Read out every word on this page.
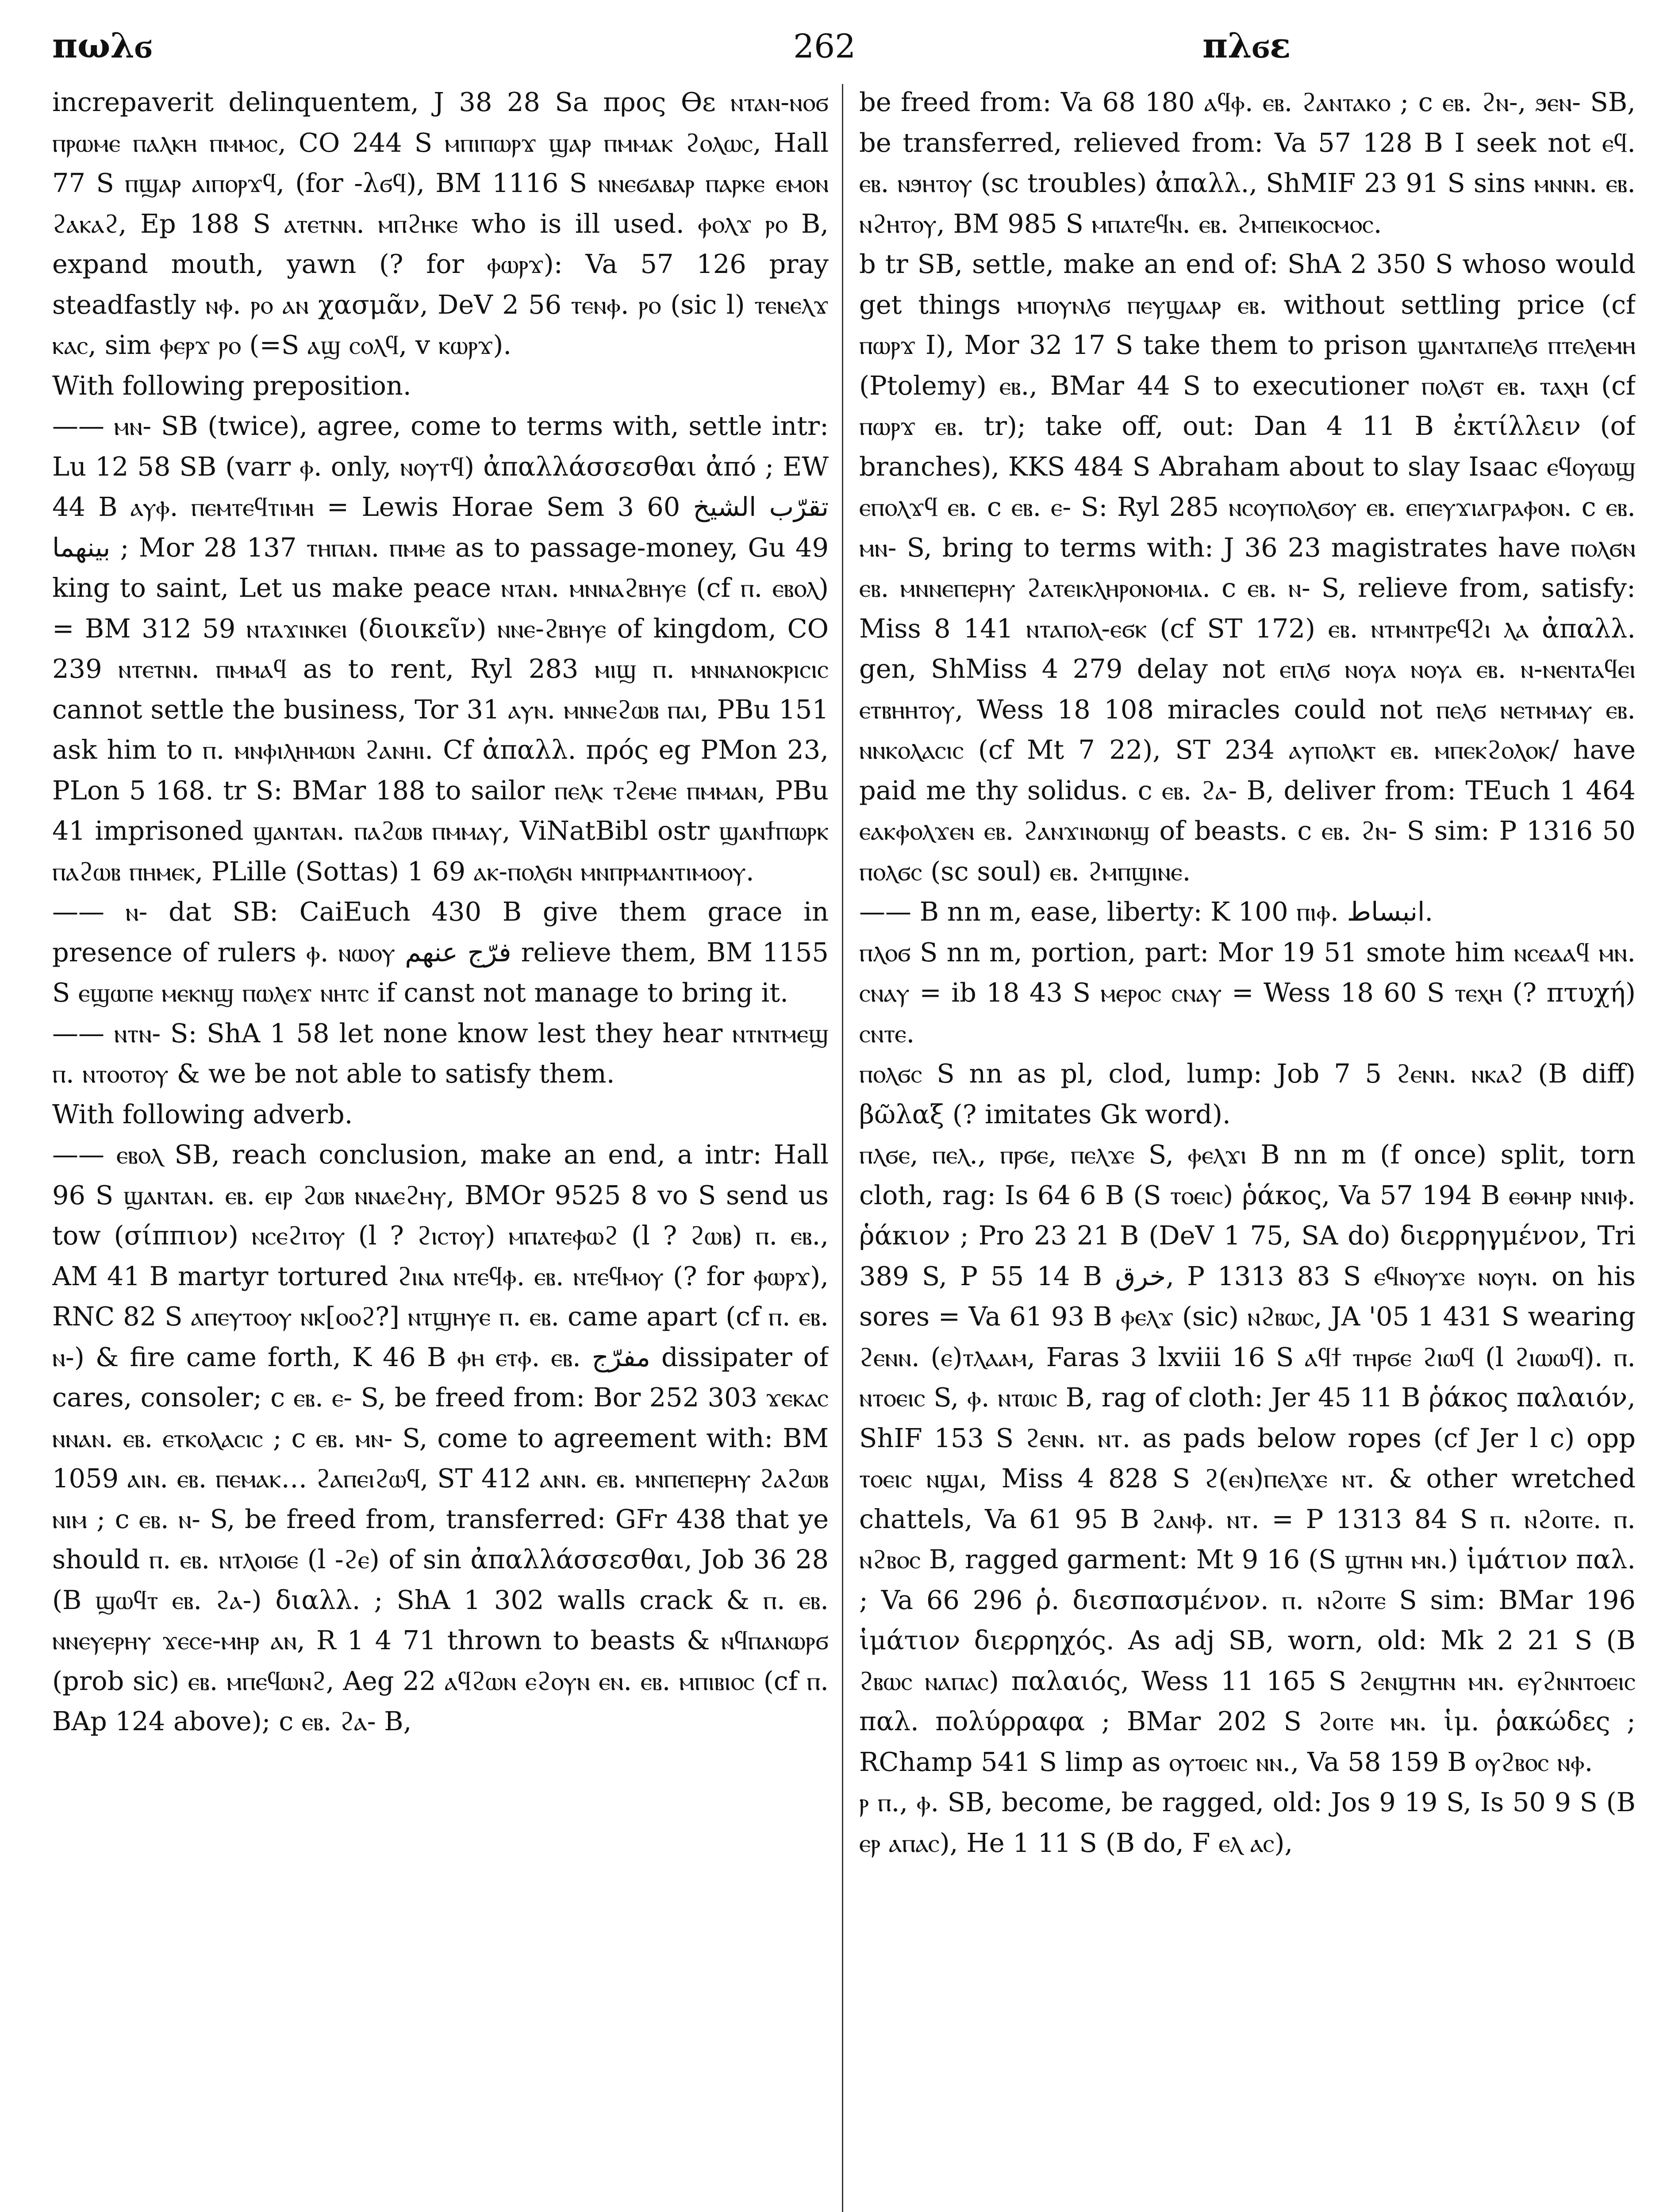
πωλϭ	262	πλϭε

increpaverit delinquentem, J 38 28 Sa προς ϴε ⲛⲧⲁⲛ-ⲛⲟϭ ⲡⲣⲱⲙⲉ ⲡⲁⲗⲕⲏ ⲡⲙⲙⲟⲥ, CO 244 S ⲙⲡⲓⲡⲱⲣϫ ϣⲁⲣ ⲡⲙⲙⲁⲕ ϩⲟⲗⲱⲥ, Hall 77 S ⲡϣⲁⲣ ⲁⲓⲡⲟⲣϫϥ, (for -λϭϥ), BM 1116 S ⲛⲛⲉϭⲁⲃⲁⲣ ⲡⲁⲣⲕⲉ ⲉⲙⲟⲛ ϩⲁⲕⲁϩ, Ep 188 S ⲁⲧⲉⲧⲛⲛ. ⲙⲡϩⲏⲕⲉ who is ill used. ⲫⲟⲗϫ ⲣⲟ B, expand mouth, yawn (? for ⲫⲱⲣϫ): Va 57 126 pray steadfastly ⲛⲫ. ⲣⲟ ⲁⲛ χασμᾶν, DeV 2 56 ⲧⲉⲛⲫ. ⲣⲟ (sic l) ⲧⲉⲛⲉⲗϫ ⲕⲁⲥ, sim ⲫⲉⲣϫ ⲣⲟ (=S ⲁϣ ⲥⲟⲗϥ, v ⲕⲱⲣϫ).
With following preposition.
—— ⲙⲛ- SB (twice), agree, come to terms with, settle intr: Lu 12 58 SB (varr ⲫ. only, ⲛⲟⲩⲧϥ) ἀπαλλάσσεσθαι ἀπό ; EW 44 B ⲁⲩⲫ. ⲡⲉⲙⲧⲉϥⲧⲓⲙⲏ = Lewis Horae Sem 3 60 تقرّب الشيخ بينهما ; Mor 28 137 ⲧⲏⲡⲁⲛ. ⲡⲙⲙⲉ as to passage-money, Gu 49 king to saint, Let us make peace ⲛⲧⲁⲛ. ⲙⲛⲛⲁϩⲃⲏⲩⲉ (cf ⲡ. ⲉⲃⲟⲗ) = BM 312 59 ⲛⲧⲁϫⲓⲛⲕⲉⲓ (διοικεῖν) ⲛⲛⲉ-ϩⲃⲏⲩⲉ of kingdom, CO 239 ⲛⲧⲉⲧⲛⲛ. ⲡⲙⲙⲁϥ as to rent, Ryl 283 ⲙⲓϣ ⲡ. ⲙⲛⲛⲁⲛⲟⲕⲣⲓⲥⲓⲥ cannot settle the business, Tor 31 ⲁⲩⲛ. ⲙⲛⲛⲉϩⲱⲃ ⲡⲁⲓ, PBu 151 ask him to ⲡ. ⲙⲛⲫⲓⲗⲏⲙⲱⲛ ϩⲁⲛⲏⲓ. Cf ἀπαλλ. πρός eg PMon 23, PLon 5 168. tr S: BMar 188 to sailor ⲡⲉⲗⲕ ⲧϩⲉⲙⲉ ⲡⲙⲙⲁⲛ, PBu 41 imprisoned ϣⲁⲛⲧⲁⲛ. ⲡⲁϩⲱⲃ ⲡⲙⲙⲁⲩ, ViNatBibl ostr ϣⲁⲛϯⲡⲱⲣⲕ ⲡⲁϩⲱⲃ ⲡⲏⲙⲉⲕ, PLille (Sottas) 1 69 ⲁⲕ-ⲡⲟⲗϭⲛ ⲙⲛⲡⲣⲙⲁⲛⲧⲓⲙⲟⲟⲩ.
—— ⲛ- dat SB: CaiEuch 430 B give them grace in presence of rulers ⲫ. ⲛⲱⲟⲩ فرّج عنهم relieve them, BM 1155 S ⲉϣⲱⲡⲉ ⲙⲉⲕⲛϣ ⲡⲱⲗⲉϫ ⲛⲏⲧⲥ if canst not manage to bring it.
—— ⲛⲧⲛ- S: ShA 1 58 let none know lest they hear ⲛⲧⲛⲧⲙⲉϣ ⲡ. ⲛⲧⲟⲟⲧⲟⲩ & we be not able to satisfy them.
With following adverb.
—— ⲉⲃⲟⲗ SB, reach conclusion, make an end, a intr: Hall 96 S ϣⲁⲛⲧⲁⲛ. ⲉⲃ. ⲉⲓⲣ ϩⲱⲃ ⲛⲛⲁⲉϩⲏⲩ, BMOr 9525 8 vo S send us tow (σίππιον) ⲛⲥⲉϩⲓⲧⲟⲩ (l ? ϩⲓⲥⲧⲟⲩ) ⲙⲡⲁⲧⲉⲫⲱϩ (l ? ϩⲱⲃ) ⲡ. ⲉⲃ., AM 41 B martyr tortured ϩⲓⲛⲁ ⲛⲧⲉϥⲫ. ⲉⲃ. ⲛⲧⲉϥⲙⲟⲩ (? for ⲫⲱⲣϫ), RNC 82 S ⲁⲡⲉⲩⲧⲟⲟⲩ ⲛⲕ[ⲟⲟϩ?] ⲛⲧϣⲏⲩⲉ ⲡ. ⲉⲃ. came apart (cf ⲡ. ⲉⲃ. ⲛ-) & fire came forth, K 46 B ⲫⲏ ⲉⲧⲫ. ⲉⲃ. مفرّج dissipater of cares, consoler; c ⲉⲃ. ⲉ- S, be freed from: Bor 252 303 ϫⲉⲕⲁⲥ ⲛⲛⲁⲛ. ⲉⲃ. ⲉⲧⲕⲟⲗⲁⲥⲓⲥ ; c ⲉⲃ. ⲙⲛ- S, come to agreement with: BM 1059 ⲁⲓⲛ. ⲉⲃ. ⲡⲉⲙⲁⲕ… ϩⲁⲡⲉⲓϩⲱϥ, ST 412 ⲁⲛⲛ. ⲉⲃ. ⲙⲛⲡⲉⲡⲉⲣⲏⲩ ϩⲁϩⲱⲃ ⲛⲓⲙ ; c ⲉⲃ. ⲛ- S, be freed from, transferred: GFr 438 that ye should ⲡ. ⲉⲃ. ⲛⲧⲗⲟⲓϭⲉ (l -ϩⲉ) of sin ἀπαλλάσσεσθαι, Job 36 28 (B ϣⲱϥⲧ ⲉⲃ. ϩⲁ-) διαλλ. ; ShA 1 302 walls crack & ⲡ. ⲉⲃ. ⲛⲛⲉⲩⲉⲣⲏⲩ ϫⲉⲥⲉ-ⲙⲏⲣ ⲁⲛ, R 1 4 71 thrown to beasts & ⲛϥⲡⲁⲛⲱⲣϭ (prob sic) ⲉⲃ. ⲙⲡⲉϥⲱⲛϩ, Aeg 22 ⲁϥϩⲱⲛ ⲉϩⲟⲩⲛ ⲉⲛ. ⲉⲃ. ⲙⲡⲓⲃⲓⲟⲥ (cf ⲡ. BAp 124 above); c ⲉⲃ. ϩⲁ- B,

be freed from: Va 68 180 ⲁϥⲫ. ⲉⲃ. ϩⲁⲛⲧⲁⲕⲟ ; c ⲉⲃ. ϩⲛ-, ϧⲉⲛ- SB, be transferred, relieved from: Va 57 128 B I seek not ⲉϥ. ⲉⲃ. ⲛϧⲏⲧⲟⲩ (sc troubles) ἀπαλλ., ShMIF 23 91 S sins ⲙⲛⲛⲛ. ⲉⲃ. ⲛϩⲏⲧⲟⲩ, BM 985 S ⲙⲡⲁⲧⲉϥⲛ. ⲉⲃ. ϩⲙⲡⲉⲓⲕⲟⲥⲙⲟⲥ.
b tr SB, settle, make an end of: ShA 2 350 S whoso would get things ⲙⲡⲟⲩⲛⲗϭ ⲡⲉⲩϣⲁⲁⲣ ⲉⲃ. without settling price (cf ⲡⲱⲣϫ I), Mor 32 17 S take them to prison ϣⲁⲛⲧⲁⲡⲉⲗϭ ⲡⲧⲉⲗⲉⲙⲏ (Ptolemy) ⲉⲃ., BMar 44 S to executioner ⲡⲟⲗϭⲧ ⲉⲃ. ⲧⲁⲭⲏ (cf ⲡⲱⲣϫ ⲉⲃ. tr); take off, out: Dan 4 11 B ἐκτίλλειν (of branches), KKS 484 S Abraham about to slay Isaac ⲉϥⲟⲩⲱϣ ⲉⲡⲟⲗϫϥ ⲉⲃ. c ⲉⲃ. ⲉ- S: Ryl 285 ⲛⲥⲟⲩⲡⲟⲗϭⲟⲩ ⲉⲃ. ⲉⲡⲉⲩϫⲓⲁⲅⲣⲁⲫⲟⲛ. c ⲉⲃ. ⲙⲛ- S, bring to terms with: J 36 23 magistrates have ⲡⲟⲗϭⲛ ⲉⲃ. ⲙⲛⲛⲉⲡⲉⲣⲏⲩ ϩⲁⲧⲉⲓⲕⲗⲏⲣⲟⲛⲟⲙⲓⲁ. c ⲉⲃ. ⲛ- S, relieve from, satisfy: Miss 8 141 ⲛⲧⲁⲡⲟⲗ-ⲉϭⲕ (cf ST 172) ⲉⲃ. ⲛⲧⲙⲛⲧⲣⲉϥϩⲓ ⲗⲁ ἀπαλλ. gen, ShMiss 4 279 delay not ⲉⲡⲗϭ ⲛⲟⲩⲁ ⲛⲟⲩⲁ ⲉⲃ. ⲛ-ⲛⲉⲛⲧⲁϥⲉⲓ ⲉⲧⲃⲏⲏⲧⲟⲩ, Wess 18 108 miracles could not ⲡⲉⲗϭ ⲛⲉⲧⲙⲙⲁⲩ ⲉⲃ. ⲛⲛⲕⲟⲗⲁⲥⲓⲥ (cf Mt 7 22), ST 234 ⲁⲩⲡⲟⲗⲕⲧ ⲉⲃ. ⲙⲡⲉⲕϩⲟⲗⲟⲕ/ have paid me thy solidus. c ⲉⲃ. ϩⲁ- B, deliver from: TEuch 1 464 ⲉⲁⲕⲫⲟⲗϫⲉⲛ ⲉⲃ. ϩⲁⲛϫⲓⲛⲱⲛϣ of beasts. c ⲉⲃ. ϩⲛ- S sim: P 1316 50 ⲡⲟⲗϭⲥ (sc soul) ⲉⲃ. ϩⲙⲡϣⲓⲛⲉ.
—— B nn m, ease, liberty: K 100 ⲡⲓⲫ. انبساط.
ⲡⲗⲟϭ S nn m, portion, part: Mor 19 51 smote him ⲛⲥⲉⲁⲁϥ ⲙⲛ. ⲥⲛⲁⲩ = ib 18 43 S ⲙⲉⲣⲟⲥ ⲥⲛⲁⲩ = Wess 18 60 S ⲧⲉⲭⲏ (? πτυχή) ⲥⲛⲧⲉ.
ⲡⲟⲗϭⲥ S nn as pl, clod, lump: Job 7 5 ϩⲉⲛⲛ. ⲛⲕⲁϩ (B diff) βῶλαξ (? imitates Gk word).
ⲡⲗϭⲉ, ⲡⲉⲗ., ⲡⲣϭⲉ, ⲡⲉⲗϫⲉ S, ⲫⲉⲗϫⲓ B nn m (f once) split, torn cloth, rag: Is 64 6 B (S ⲧⲟⲉⲓⲥ) ῥάκος, Va 57 194 B ⲉⲑⲙⲏⲣ ⲛⲛⲓⲫ. ῥάκιον ; Pro 23 21 B (DeV 1 75, SA do) διερρηγμένον, Tri 389 S, P 55 14 B خرق, P 1313 83 S ⲉϥⲛⲟⲩϫⲉ ⲛⲟⲩⲛ. on his sores = Va 61 93 B ⲫⲉⲗϫ (sic) ⲛϩⲃⲱⲥ, JA '05 1 431 S wearing ϩⲉⲛⲛ. (ⲉ)ⲧⲗⲁⲁⲙ, Faras 3 lxviii 16 S ⲁϥϯ ⲧⲏⲣϭⲉ ϩⲓⲱϥ (l ϩⲓⲱⲱϥ). ⲡ. ⲛⲧⲟⲉⲓⲥ S, ⲫ. ⲛⲧⲱⲓⲥ B, rag of cloth: Jer 45 11 B ῥάκος παλαιόν, ShIF 153 S ϩⲉⲛⲛ. ⲛⲧ. as pads below ropes (cf Jer l c) opp ⲧⲟⲉⲓⲥ ⲛϣⲁⲓ, Miss 4 828 S ϩ(ⲉⲛ)ⲡⲉⲗϫⲉ ⲛⲧ. & other wretched chattels, Va 61 95 B ϩⲁⲛⲫ. ⲛⲧ. = P 1313 84 S ⲡ. ⲛϩⲟⲓⲧⲉ. ⲡ. ⲛϩⲃⲟⲥ B, ragged garment: Mt 9 16 (S ϣⲧⲏⲛ ⲙⲛ.) ἱμάτιον παλ. ; Va 66 296 ῥ. διεσπασμένον. ⲡ. ⲛϩⲟⲓⲧⲉ S sim: BMar 196 ἱμάτιον διερρηχός. As adj SB, worn, old: Mk 2 21 S (B ϩⲃⲱⲥ ⲛⲁⲡⲁⲥ) παλαιός, Wess 11 165 S ϩⲉⲛϣⲧⲏⲛ ⲙⲛ. ⲉⲩϩⲛⲛⲧⲟⲉⲓⲥ παλ. πολύρραφα ; BMar 202 S ϩⲟⲓⲧⲉ ⲙⲛ. ἱμ. ῥακώδες ; RChamp 541 S limp as ⲟⲩⲧⲟⲉⲓⲥ ⲛⲛ., Va 58 159 B ⲟⲩϩⲃⲟⲥ ⲛⲫ.
ⲣ ⲡ., ⲫ. SB, become, be ragged, old: Jos 9 19 S, Is 50 9 S (B ⲉⲣ ⲁⲡⲁⲥ), He 1 11 S (B do, F ⲉⲗ ⲁⲥ),
